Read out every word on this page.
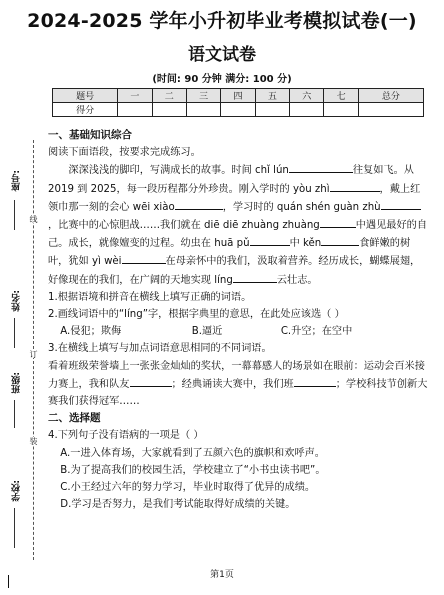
2024-2025 学年小升初毕业考模拟试卷(一)
语文试卷
(时间: 90 分钟 满分: 100 分)
题号	一	二	三	四	五	六	七	总分
得分								
座号:
姓名:
班级:
学校:
线
订
装

一、基础知识综合

阅读下面语段，按要求完成练习。

深深浅浅的脚印，写满成长的故事。时间 chǐ lún	往复如飞。从 2019 到 2025，每一段历程都分外珍贵。刚入学时的 yòu zhì	，戴上红领巾那一刻的会心 wēi xiào	，学习时的 quán shén guàn zhù，比赛中的心惊胆战……我们就在 diē diē zhuàng zhuàng	中遇见最好的自己。成长，就像嬗变的过程。幼虫在 huā pǔ	中 kěn	食鲜嫩的树叶，犹如 yì wèi	在母亲怀中的我们，汲取着营养。经历成长，蝴蝶展翅，好像现在的我们，在广阔的天地实现 líng	云壮志。

1.根据语境和拼音在横线上填写正确的词语。

2.画线词语中的“líng”字，根据字典里的意思，在此处应该选（ ）

A.侵犯；欺侮	B.逼近	C.升空；在空中

3.在横线上填写与加点词语意思相同的不同词语。

看着班级荣誉墙上一张张金灿灿的奖状，一幕幕感人的场景如在眼前：运动会百米接力赛上，我和队友	；经典诵读大赛中，我们班	；学校科技节创新大赛我们获得冠军……

二、选择题

4.下列句子没有语病的一项是（ ）

A.一进入体育场，大家就看到了五颜六色的旗帜和欢呼声。

B.为了提高我们的校园生活，学校建立了“小书虫读书吧”。

C.小王经过六年的努力学习，毕业时取得了优异的成绩。

D.学习是否努力，是我们考试能取得好成绩的关键。

第1页
